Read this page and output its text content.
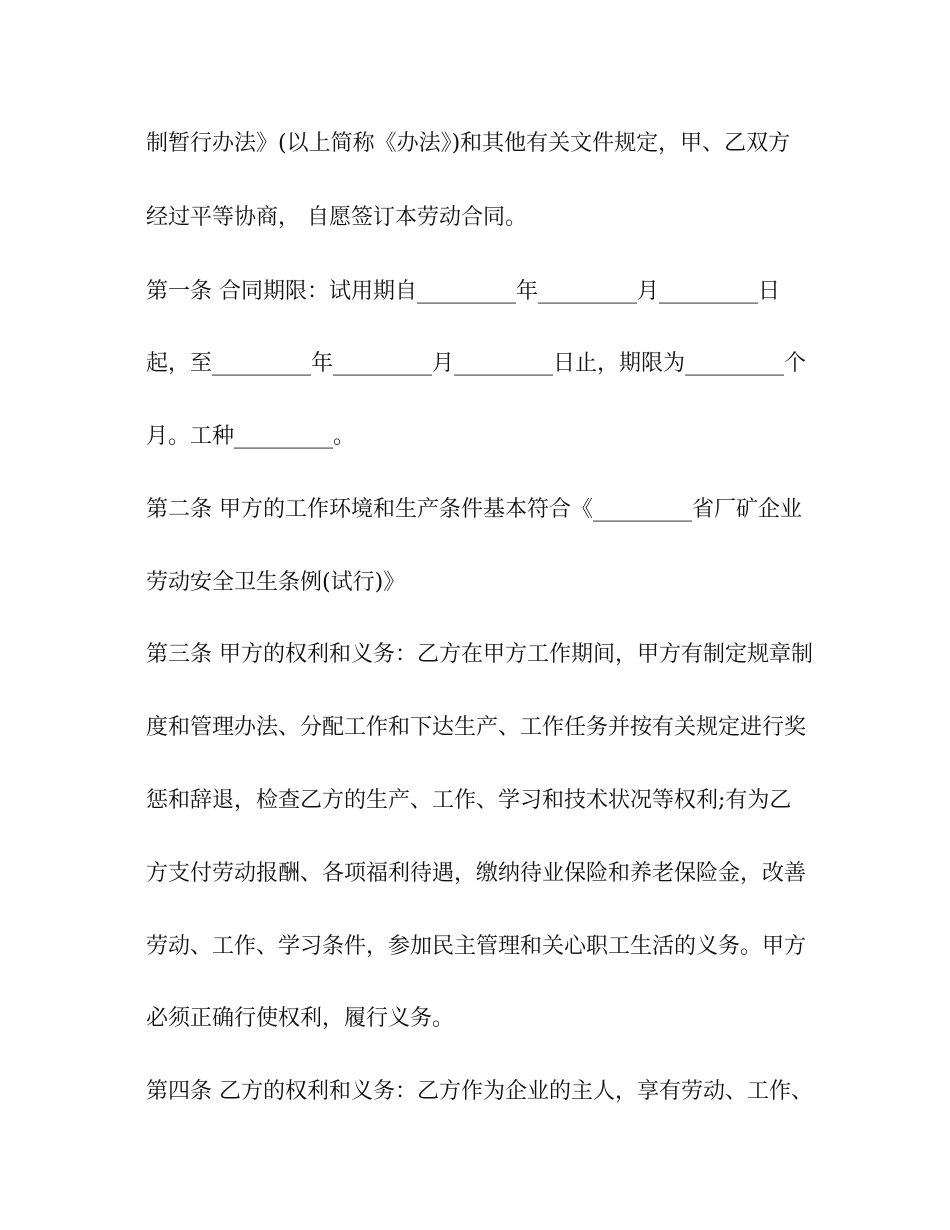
制暂行办法》(以上简称《办法》)和其他有关文件规定，甲、乙双方

经过平等协商， 自愿签订本劳动合同。

第一条 合同期限：试用期自_________年_________月_________日

起，至_________年_________月_________日止，期限为_________个

月。工种_________。

第二条 甲方的工作环境和生产条件基本符合《_________省厂矿企业

劳动安全卫生条例(试行)》

第三条 甲方的权利和义务：乙方在甲方工作期间，甲方有制定规章制

度和管理办法、分配工作和下达生产、工作任务并按有关规定进行奖

惩和辞退，检查乙方的生产、工作、学习和技术状况等权利;有为乙

方支付劳动报酬、各项福利待遇，缴纳待业保险和养老保险金，改善

劳动、工作、学习条件，参加民主管理和关心职工生活的义务。甲方

必须正确行使权利，履行义务。

第四条 乙方的权利和义务：乙方作为企业的主人，享有劳动、工作、
